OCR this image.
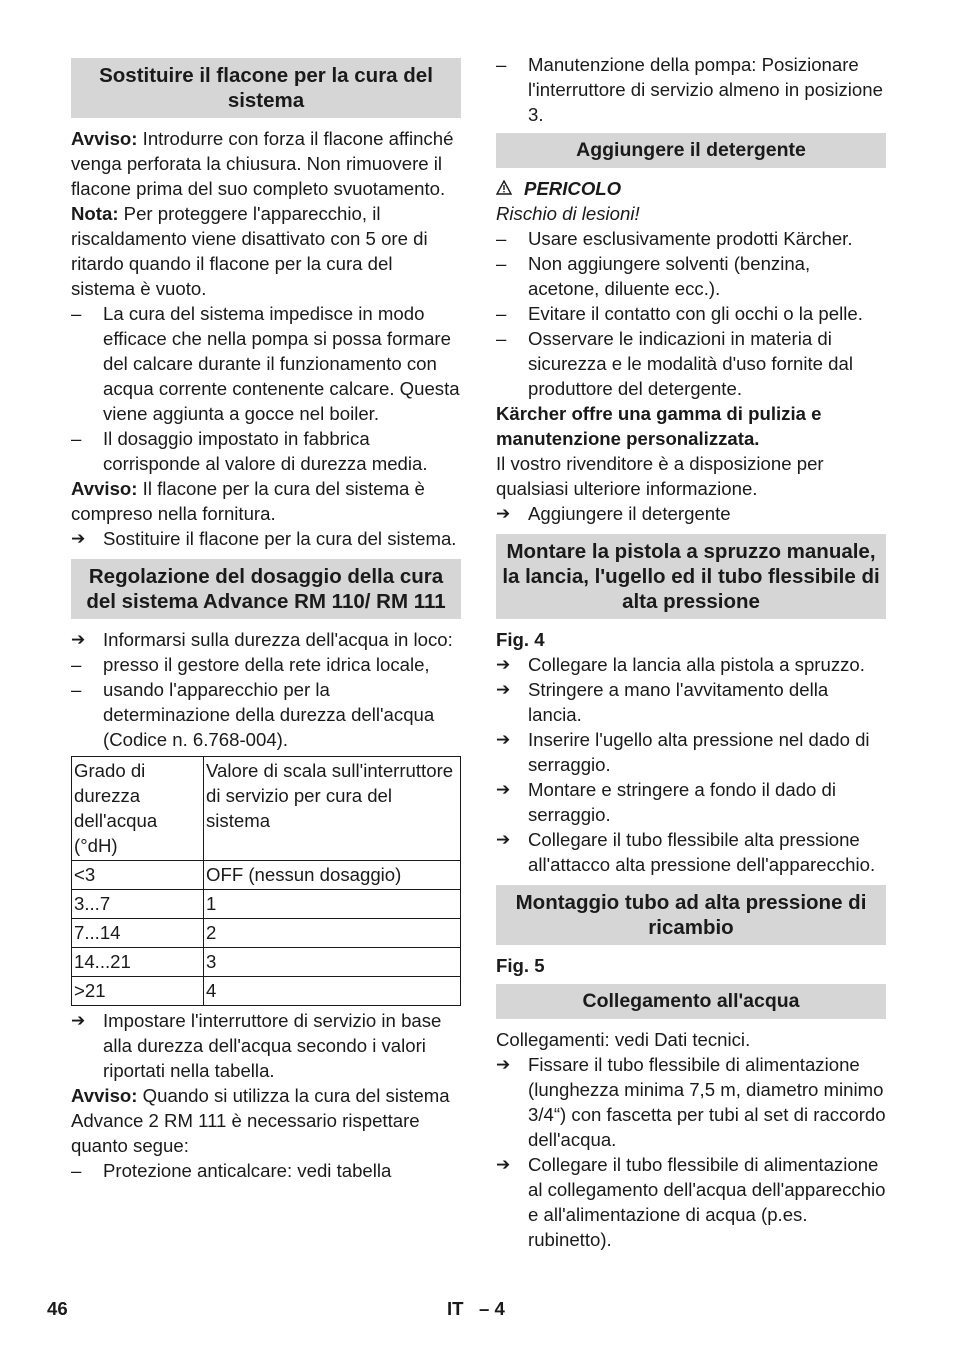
Sostituire il flacone per la cura del sistema

Avviso: Introdurre con forza il flacone affinché venga perforata la chiusura. Non rimuovere il flacone prima del suo completo svuotamento.

Nota: Per proteggere l'apparecchio, il riscaldamento viene disattivato con 5 ore di ritardo quando il flacone per la cura del sistema è vuoto.

–	La cura del sistema impedisce in modo efficace che nella pompa si possa formare del calcare durante il funzionamento con acqua corrente contenente calcare. Questa viene aggiunta a gocce nel boiler.
–	Il dosaggio impostato in fabbrica corrisponde al valore di durezza media.

Avviso: Il flacone per la cura del sistema è compreso nella fornitura.

➔ Sostituire il flacone per la cura del sistema.
Regolazione del dosaggio della cura del sistema Advance RM 110/ RM 111
➔ Informarsi sulla durezza dell'acqua in loco:
–	presso il gestore della rete idrica locale,
–	usando l'apparecchio per la determinazione della durezza dell'acqua (Codice n. 6.768-004).
Grado di durezza dell'acqua (°dH)	Valore di scala sull'interruttore di servizio per cura del sistema
<3	OFF (nessun dosaggio)
3...7	1
7...14	2
14...21	3
>21	4
➔ Impostare l'interruttore di servizio in base alla durezza dell'acqua secondo i valori riportati nella tabella.

Avviso: Quando si utilizza la cura del sistema Advance 2 RM 111 è necessario rispettare quanto segue:

–	Protezione anticalcare: vedi tabella
–	Manutenzione della pompa: Posizionare l'interruttore di servizio almeno in posizione 3.
Aggiungere il detergente

PERICOLO

Rischio di lesioni!

–	Usare esclusivamente prodotti Kärcher.
–	Non aggiungere solventi (benzina, acetone, diluente ecc.).
–	Evitare il contatto con gli occhi o la pelle.
–	Osservare le indicazioni in materia di sicurezza e le modalità d'uso fornite dal produttore del detergente.

Kärcher offre una gamma di pulizia e manutenzione personalizzata.

Il vostro rivenditore è a disposizione per qualsiasi ulteriore informazione.

➔ Aggiungere il detergente
Montare la pistola a spruzzo manuale, la lancia, l'ugello ed il tubo flessibile di alta pressione

Fig. 4

➔ Collegare la lancia alla pistola a spruzzo.
➔ Stringere a mano l'avvitamento della lancia.
➔ Inserire l'ugello alta pressione nel dado di serraggio.
➔ Montare e stringere a fondo il dado di serraggio.
➔ Collegare il tubo flessibile alta pressione all'attacco alta pressione dell'apparecchio.
Montaggio tubo ad alta pressione di ricambio

Fig. 5

Collegamento all'acqua

Collegamenti: vedi Dati tecnici.

➔ Fissare il tubo flessibile di alimentazione (lunghezza minima 7,5 m, diametro minimo 3/4“) con fascetta per tubi al set di raccordo dell'acqua.
➔ Collegare il tubo flessibile di alimentazione al collegamento dell'acqua dell'apparecchio e all'alimentazione di acqua (p.es. rubinetto).
46	IT   – 4
